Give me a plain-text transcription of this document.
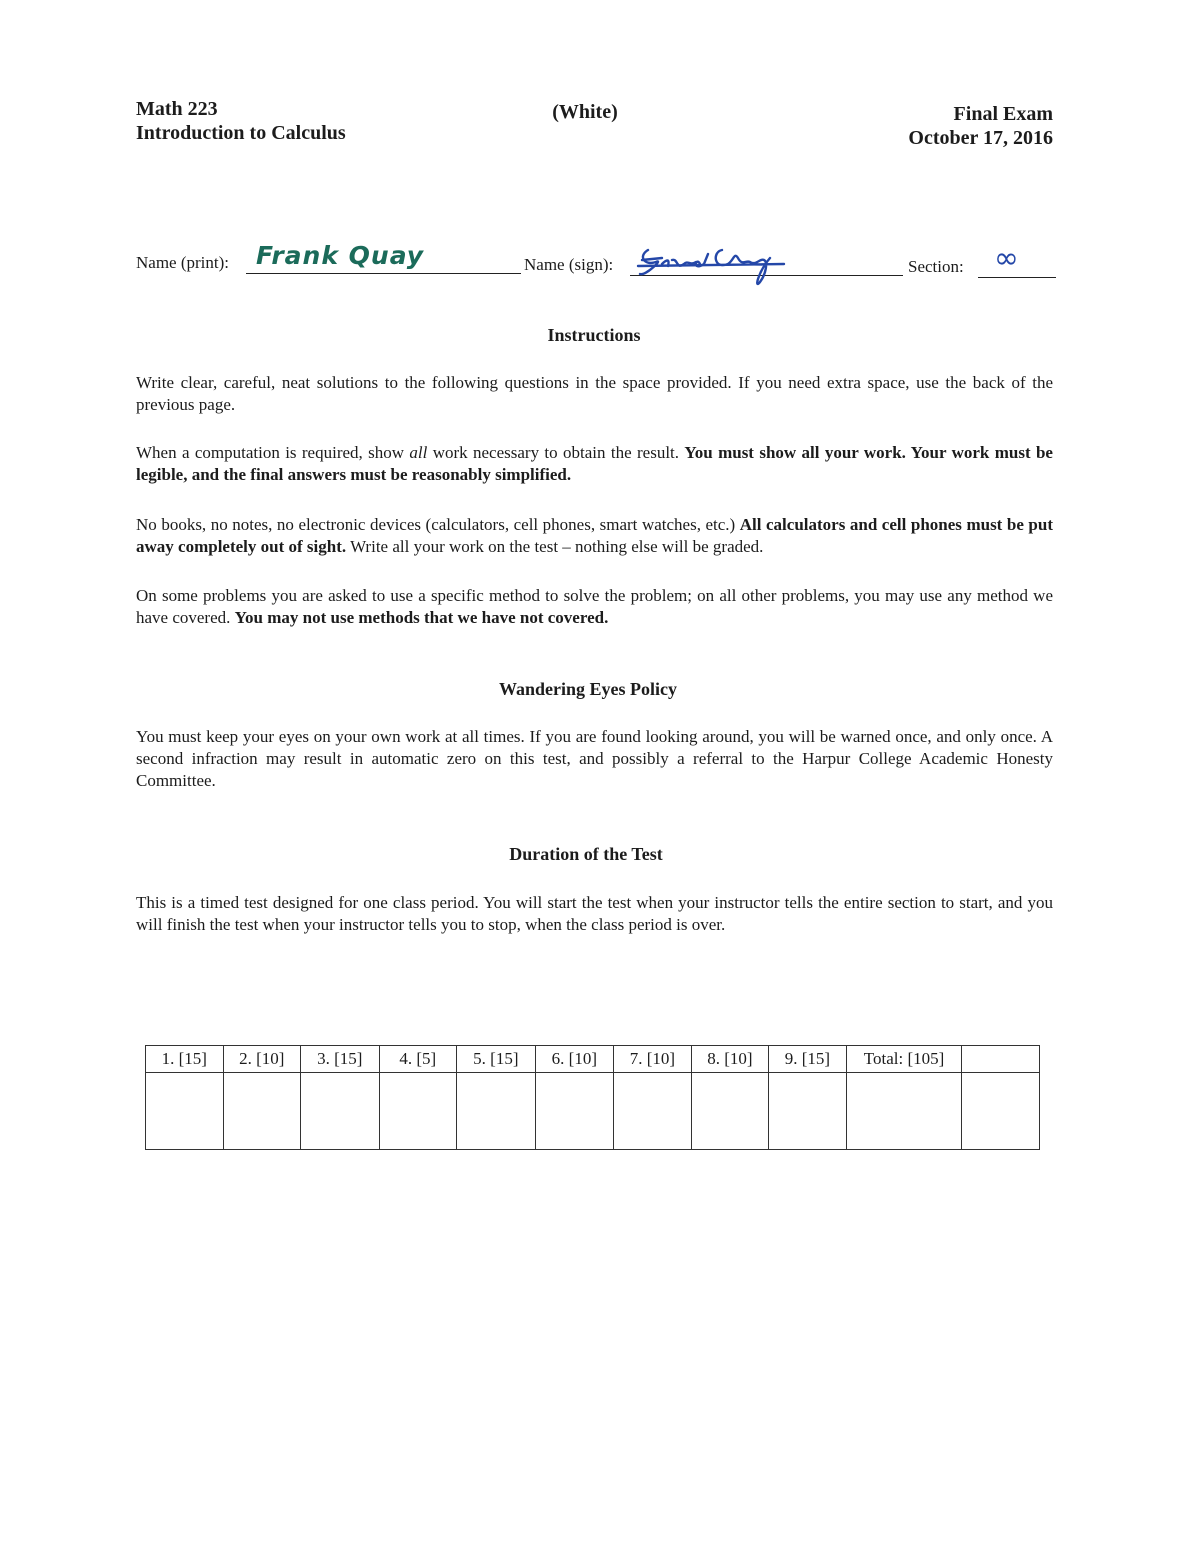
Math 223
Introduction to Calculus
(White)	Final Exam
October 17, 2016
Name (print): Frank Quay	Name (sign):	Section: ∞
Instructions
Write clear, careful, neat solutions to the following questions in the space provided. If you need extra space, use the back of the previous page.
When a computation is required, show all work necessary to obtain the result. You must show all your work. Your work must be legible, and the final answers must be reasonably simplified.
No books, no notes, no electronic devices (calculators, cell phones, smart watches, etc.) All calculators and cell phones must be put away completely out of sight. Write all your work on the test – nothing else will be graded.
On some problems you are asked to use a specific method to solve the problem; on all other problems, you may use any method we have covered. You may not use methods that we have not covered.
Wandering Eyes Policy
You must keep your eyes on your own work at all times. If you are found looking around, you will be warned once, and only once. A second infraction may result in automatic zero on this test, and possibly a referral to the Harpur College Academic Honesty Committee.
Duration of the Test
This is a timed test designed for one class period. You will start the test when your instructor tells the entire section to start, and you will finish the test when your instructor tells you to stop, when the class period is over.
1. [15]	2. [10]	3. [15]	4. [5]	5. [15]	6. [10]	7. [10]	8. [10]	9. [15]	Total: [105]	
